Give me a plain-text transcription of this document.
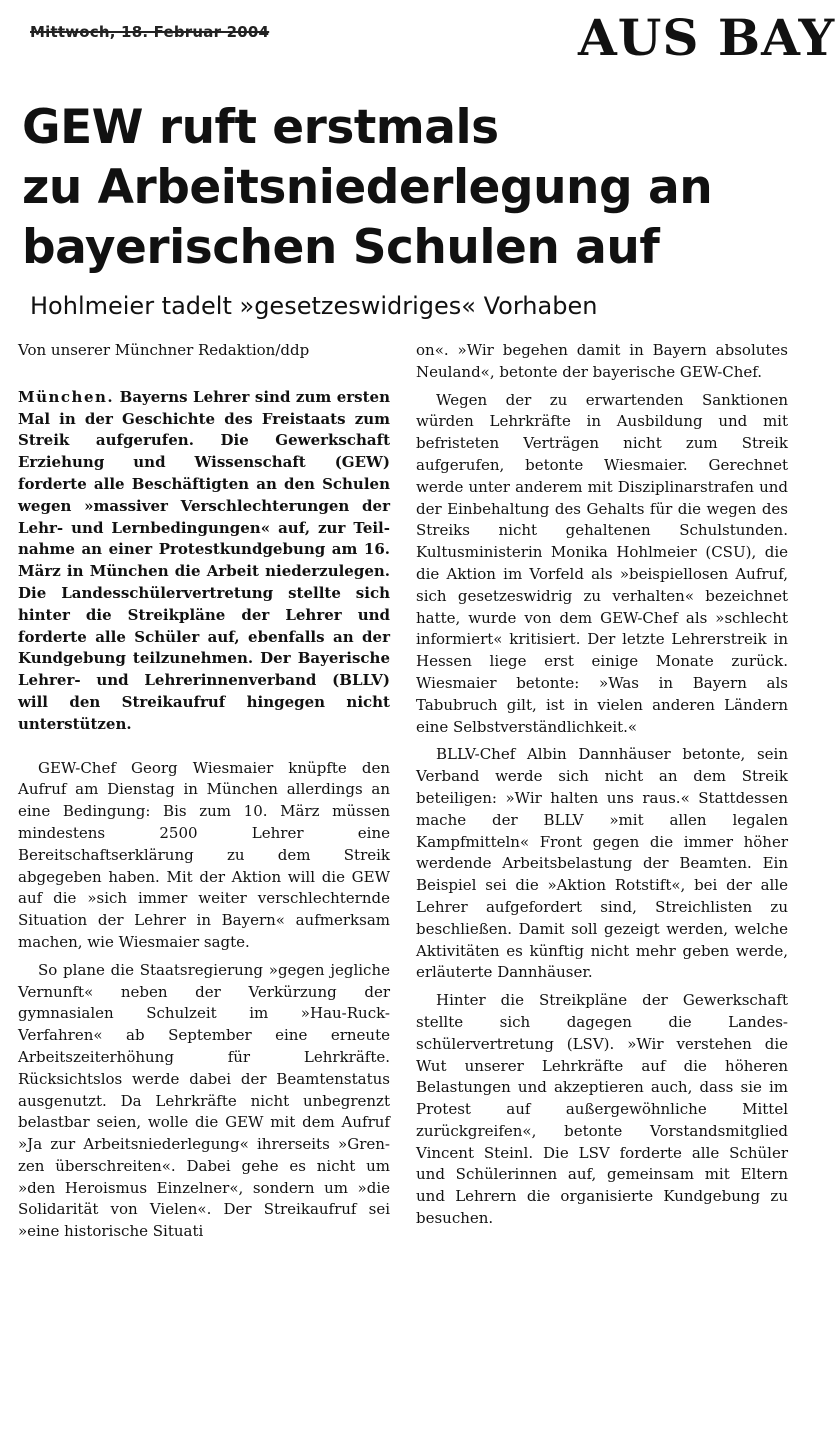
Mittwoch, 18. Februar 2004	AUS BAY
GEW ruft erstmals
zu Arbeitsniederlegung an
bayerischen Schulen auf
Hohlmeier tadelt »gesetzeswidriges« Vorhaben

Von unserer Münchner Redaktion/ddp

München. Bayerns Lehrer sind zum ersten Mal in der Geschichte des Freistaats zum Streik aufgerufen. Die Gewerkschaft Erziehung und Wissenschaft (GEW) forderte alle Beschäftigten an den Schulen wegen »massiver Verschlechterungen der Lehr- und Lernbedingungen« auf, zur Teilnahme an einer Protestkundgebung am 16. März in München die Arbeit niederzulegen. Die Landesschülervertretung stellte sich hinter die Streikpläne der Lehrer und forderte alle Schüler auf, ebenfalls an der Kundgebung teilzunehmen. Der Bayerische Lehrer- und Lehrerinnenverband (BLLV) will den Streikaufruf hingegen nicht unterstützen.

GEW-Chef Georg Wiesmaier knüpfte den Aufruf am Dienstag in München allerdings an eine Bedingung: Bis zum 10. März müssen mindestens 2500 Lehrer eine Bereitschaftserklärung zu dem Streik abgegeben haben. Mit der Aktion will die GEW auf die »sich immer weiter verschlechternde Situation der Lehrer in Bayern« aufmerksam machen, wie Wiesmaier sagte.

So plane die Staatsregierung »gegen jegliche Vernunft« neben der Verkürzung der gymnasialen Schulzeit im »Hau-Ruck-Verfahren« ab September eine erneute Arbeitszeiterhöhung für Lehrkräfte. Rücksichtslos werde dabei der Beamtenstatus ausgenutzt. Da Lehrkräfte nicht unbegrenzt belastbar seien, wolle die GEW mit dem Aufruf »Ja zur Arbeitsniederlegung« ihrerseits »Grenzen überschreiten«. Dabei gehe es nicht um »den Heroismus Einzelner«, sondern um »die Solidarität von Vielen«. Der Streikaufruf sei »eine historische Situati

on«. »Wir begehen damit in Bayern absolutes Neuland«, betonte der bayerische GEW-Chef.

Wegen der zu erwartenden Sanktionen würden Lehrkräfte in Ausbildung und mit befristeten Verträgen nicht zum Streik aufgerufen, betonte Wiesmaier. Gerechnet werde unter anderem mit Disziplinarstrafen und der Einbehaltung des Gehalts für die wegen des Streiks nicht gehaltenen Schulstunden. Kultusministerin Monika Hohlmeier (CSU), die die Aktion im Vorfeld als »beispiellosen Aufruf, sich gesetzeswidrig zu verhalten« bezeichnet hatte, wurde von dem GEW-Chef als »schlecht informiert« kritisiert. Der letzte Lehrerstreik in Hessen liege erst einige Monate zurück. Wiesmaier betonte: »Was in Bayern als Tabubruch gilt, ist in vielen anderen Ländern eine Selbstverständlichkeit.«

BLLV-Chef Albin Dannhäuser betonte, sein Verband werde sich nicht an dem Streik beteiligen: »Wir halten uns raus.« Stattdessen mache der BLLV »mit allen legalen Kampfmitteln« Front gegen die immer höher werdende Arbeitsbelastung der Beamten. Ein Beispiel sei die »Aktion Rotstift«, bei der alle Lehrer aufgefordert sind, Streichlisten zu beschließen. Damit soll gezeigt werden, welche Aktivitäten es künftig nicht mehr geben werde, erläuterte Dannhäuser.

Hinter die Streikpläne der Gewerkschaft stellte sich dagegen die Landesschülervertretung (LSV). »Wir verstehen die Wut unserer Lehrkräfte auf die höheren Belastungen und akzeptieren auch, dass sie im Protest auf außergewöhnliche Mittel zurückgreifen«, betonte Vorstandsmitglied Vincent Steinl. Die LSV forderte alle Schüler und Schülerinnen auf, gemeinsam mit Eltern und Lehrern die organisierte Kundgebung zu besuchen.
